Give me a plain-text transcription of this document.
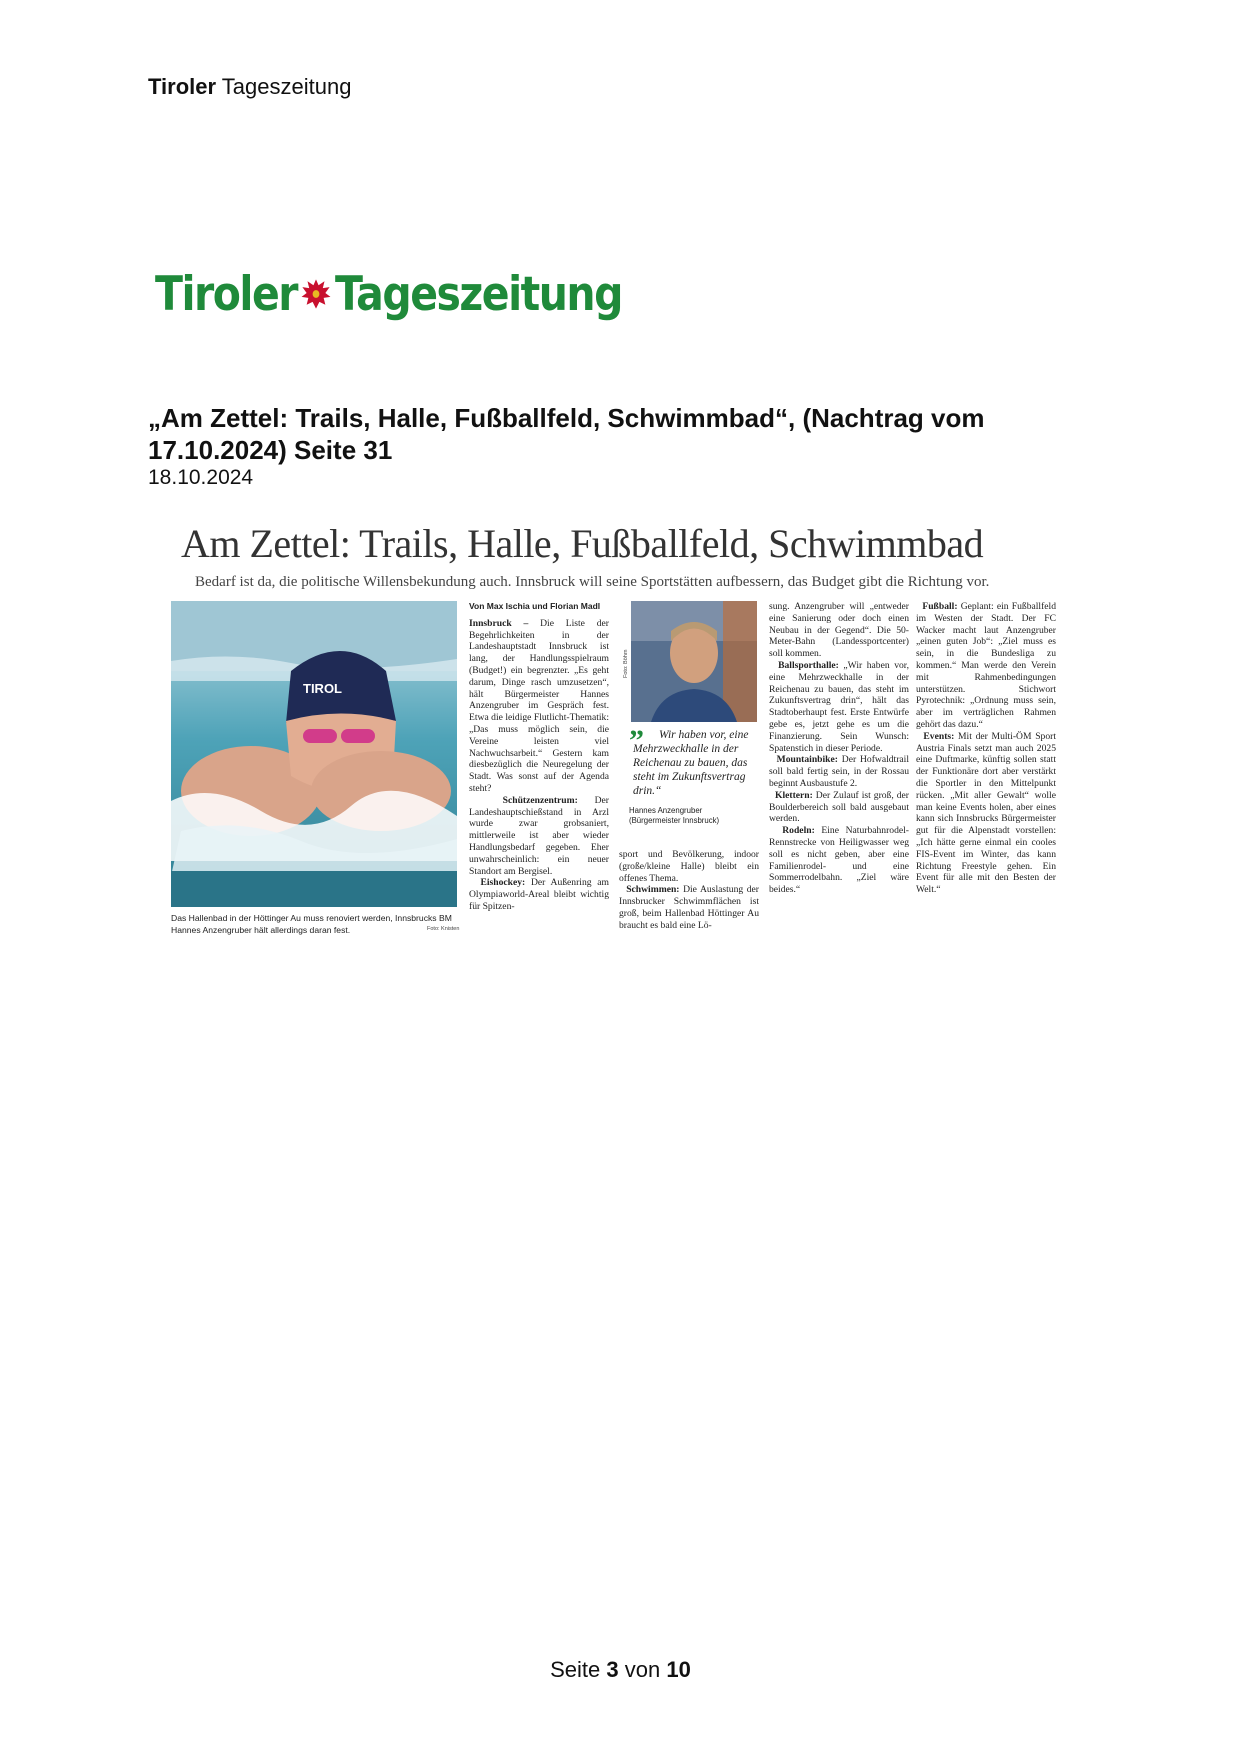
Tiroler Tageszeitung
Tiroler Tageszeitung
„Am Zettel: Trails, Halle, Fußballfeld, Schwimmbad“, (Nachtrag vom 17.10.2024) Seite 31
18.10.2024
Am Zettel: Trails, Halle, Fußballfeld, Schwimmbad
Bedarf ist da, die politische Willensbekundung auch. Innsbruck will seine Sportstätten aufbessern, das Budget gibt die Richtung vor.
TIROL
Das Hallenbad in der Höttinger Au muss renoviert werden, Innsbrucks BM Hannes Anzengruber hält allerdings daran fest.	Foto: Knisten
Von Max Ischia und Florian Madl

Innsbruck – Die Liste der Begehrlichkeiten in der Landeshauptstadt Innsbruck ist lang, der Handlungsspielraum (Budget!) ein begrenzter. „Es geht darum, Dinge rasch umzusetzen“, hält Bürgermeister Hannes Anzengruber im Gespräch fest. Etwa die leidige Flutlicht-Thematik: „Das muss möglich sein, die Vereine leisten viel Nachwuchsarbeit.“ Gestern kam diesbezüglich die Neuregelung der Stadt. Was sonst auf der Agenda steht?

Schützenzentrum: Der Landeshauptschießstand in Arzl wurde zwar grobsaniert, mittlerweile ist aber wieder Handlungsbedarf gegeben. Eher unwahrscheinlich: ein neuer Standort am Bergisel.

Eishockey: Der Außenring am Olympiaworld-Areal bleibt wichtig für Spitzen-

Foto: Böhm
”	Wir haben vor, eine Mehrzweckhalle in der Reichenau zu bauen, das steht im Zukunftsvertrag drin.“
Hannes Anzengruber
(Bürgermeister Innsbruck)

sport und Bevölkerung, indoor (große/kleine Halle) bleibt ein offenes Thema.

Schwimmen: Die Auslastung der Innsbrucker Schwimmflächen ist groß, beim Hallenbad Höttinger Au braucht es bald eine Lö-

sung. Anzengruber will „entweder eine Sanierung oder doch einen Neubau in der Gegend“. Die 50-Meter-Bahn (Landessportcenter) soll kommen.

Ballsporthalle: „Wir haben vor, eine Mehrzweckhalle in der Reichenau zu bauen, das steht im Zukunftsvertrag drin“, hält das Stadtoberhaupt fest. Erste Entwürfe gebe es, jetzt gehe es um die Finanzierung. Sein Wunsch: Spatenstich in dieser Periode.

Mountainbike: Der Hofwaldtrail soll bald fertig sein, in der Rossau beginnt Ausbaustufe 2.

Klettern: Der Zulauf ist groß, der Boulderbereich soll bald ausgebaut werden.

Rodeln: Eine Naturbahnrodel-Rennstrecke von Heiligwasser weg soll es nicht geben, aber eine Familienrodel- und eine Sommerrodelbahn. „Ziel wäre beides.“

Fußball: Geplant: ein Fußballfeld im Westen der Stadt. Der FC Wacker macht laut Anzengruber „einen guten Job“: „Ziel muss es sein, in die Bundesliga zu kommen.“ Man werde den Verein mit Rahmenbedingungen unterstützen. Stichwort Pyrotechnik: „Ordnung muss sein, aber im verträglichen Rahmen gehört das dazu.“

Events: Mit der Multi-ÖM Sport Austria Finals setzt man auch 2025 eine Duftmarke, künftig sollen statt der Funktionäre dort aber verstärkt die Sportler in den Mittelpunkt rücken. „Mit aller Gewalt“ wolle man keine Events holen, aber eines kann sich Innsbrucks Bürgermeister gut für die Alpenstadt vorstellen: „Ich hätte gerne einmal ein cooles FIS-Event im Winter, das kann Richtung Freestyle gehen. Ein Event für alle mit den Besten der Welt.“

Seite 3 von 10
